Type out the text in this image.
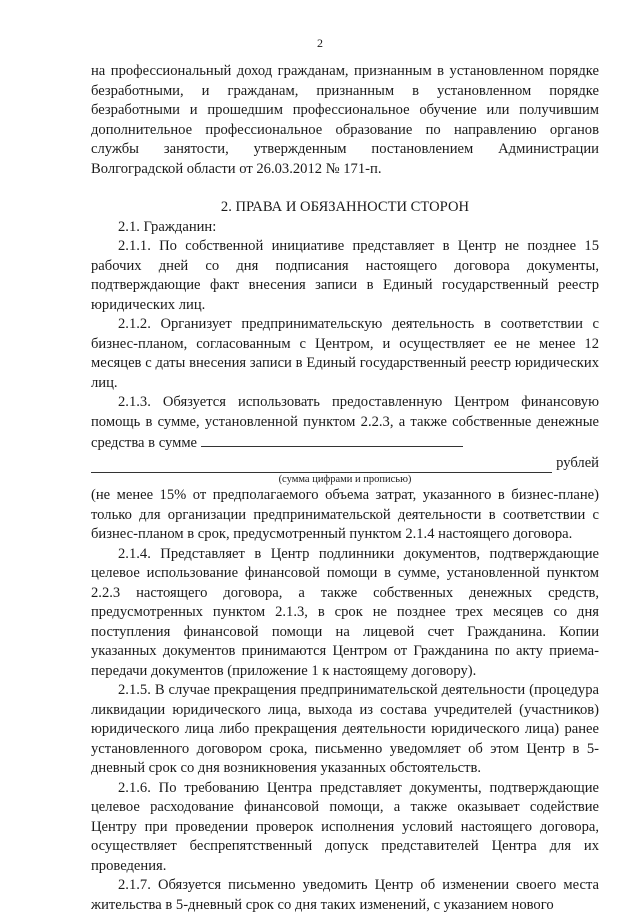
2

на профессиональный доход гражданам, признанным в установленном порядке безработными, и гражданам, признанным в установленном порядке безработными и прошедшим профессиональное обучение или получившим дополнительное профессиональное образование по направлению органов службы занятости, утвержденным постановлением Администрации Волгоградской области от 26.03.2012 № 171-п.

2. ПРАВА И ОБЯЗАННОСТИ СТОРОН

2.1. Гражданин:

2.1.1. По собственной инициативе представляет в Центр не позднее 15 рабочих дней со дня подписания настоящего договора документы, подтверждающие факт внесения записи в Единый государственный реестр юридических лиц.

2.1.2. Организует предпринимательскую деятельность в соответствии с бизнес-планом, согласованным с Центром, и осуществляет ее не менее 12 месяцев с даты внесения записи в Единый государственный реестр юридических лиц.

2.1.3. Обязуется использовать предоставленную Центром финансовую помощь в сумме, установленной пунктом 2.2.3, а также собственные денежные средства в сумме

рублей
(сумма цифрами и прописью)

(не менее 15% от предполагаемого объема затрат, указанного в бизнес-плане) только для организации предпринимательской деятельности в соответствии с бизнес-планом в срок, предусмотренный пунктом 2.1.4 настоящего договора.

2.1.4. Представляет в Центр подлинники документов, подтверждающие целевое использование финансовой помощи в сумме, установленной пунктом 2.2.3 настоящего договора, а также собственных денежных средств, предусмотренных пунктом 2.1.3, в срок не позднее трех месяцев со дня поступления финансовой помощи на лицевой счет Гражданина. Копии указанных документов принимаются Центром от Гражданина по акту приема-передачи документов (приложение 1 к настоящему договору).

2.1.5. В случае прекращения предпринимательской деятельности (процедура ликвидации юридического лица, выхода из состава учредителей (участников) юридического лица либо прекращения деятельности юридического лица) ранее установленного договором срока, письменно уведомляет об этом Центр в 5-дневный срок со дня возникновения указанных обстоятельств.

2.1.6. По требованию Центра представляет документы, подтверждающие целевое расходование финансовой помощи, а также оказывает содействие Центру при проведении проверок исполнения условий настоящего договора, осуществляет беспрепятственный допуск представителей Центра для их проведения.

2.1.7. Обязуется письменно уведомить Центр об изменении своего места жительства в 5-дневный срок со дня таких изменений, с указанием нового
